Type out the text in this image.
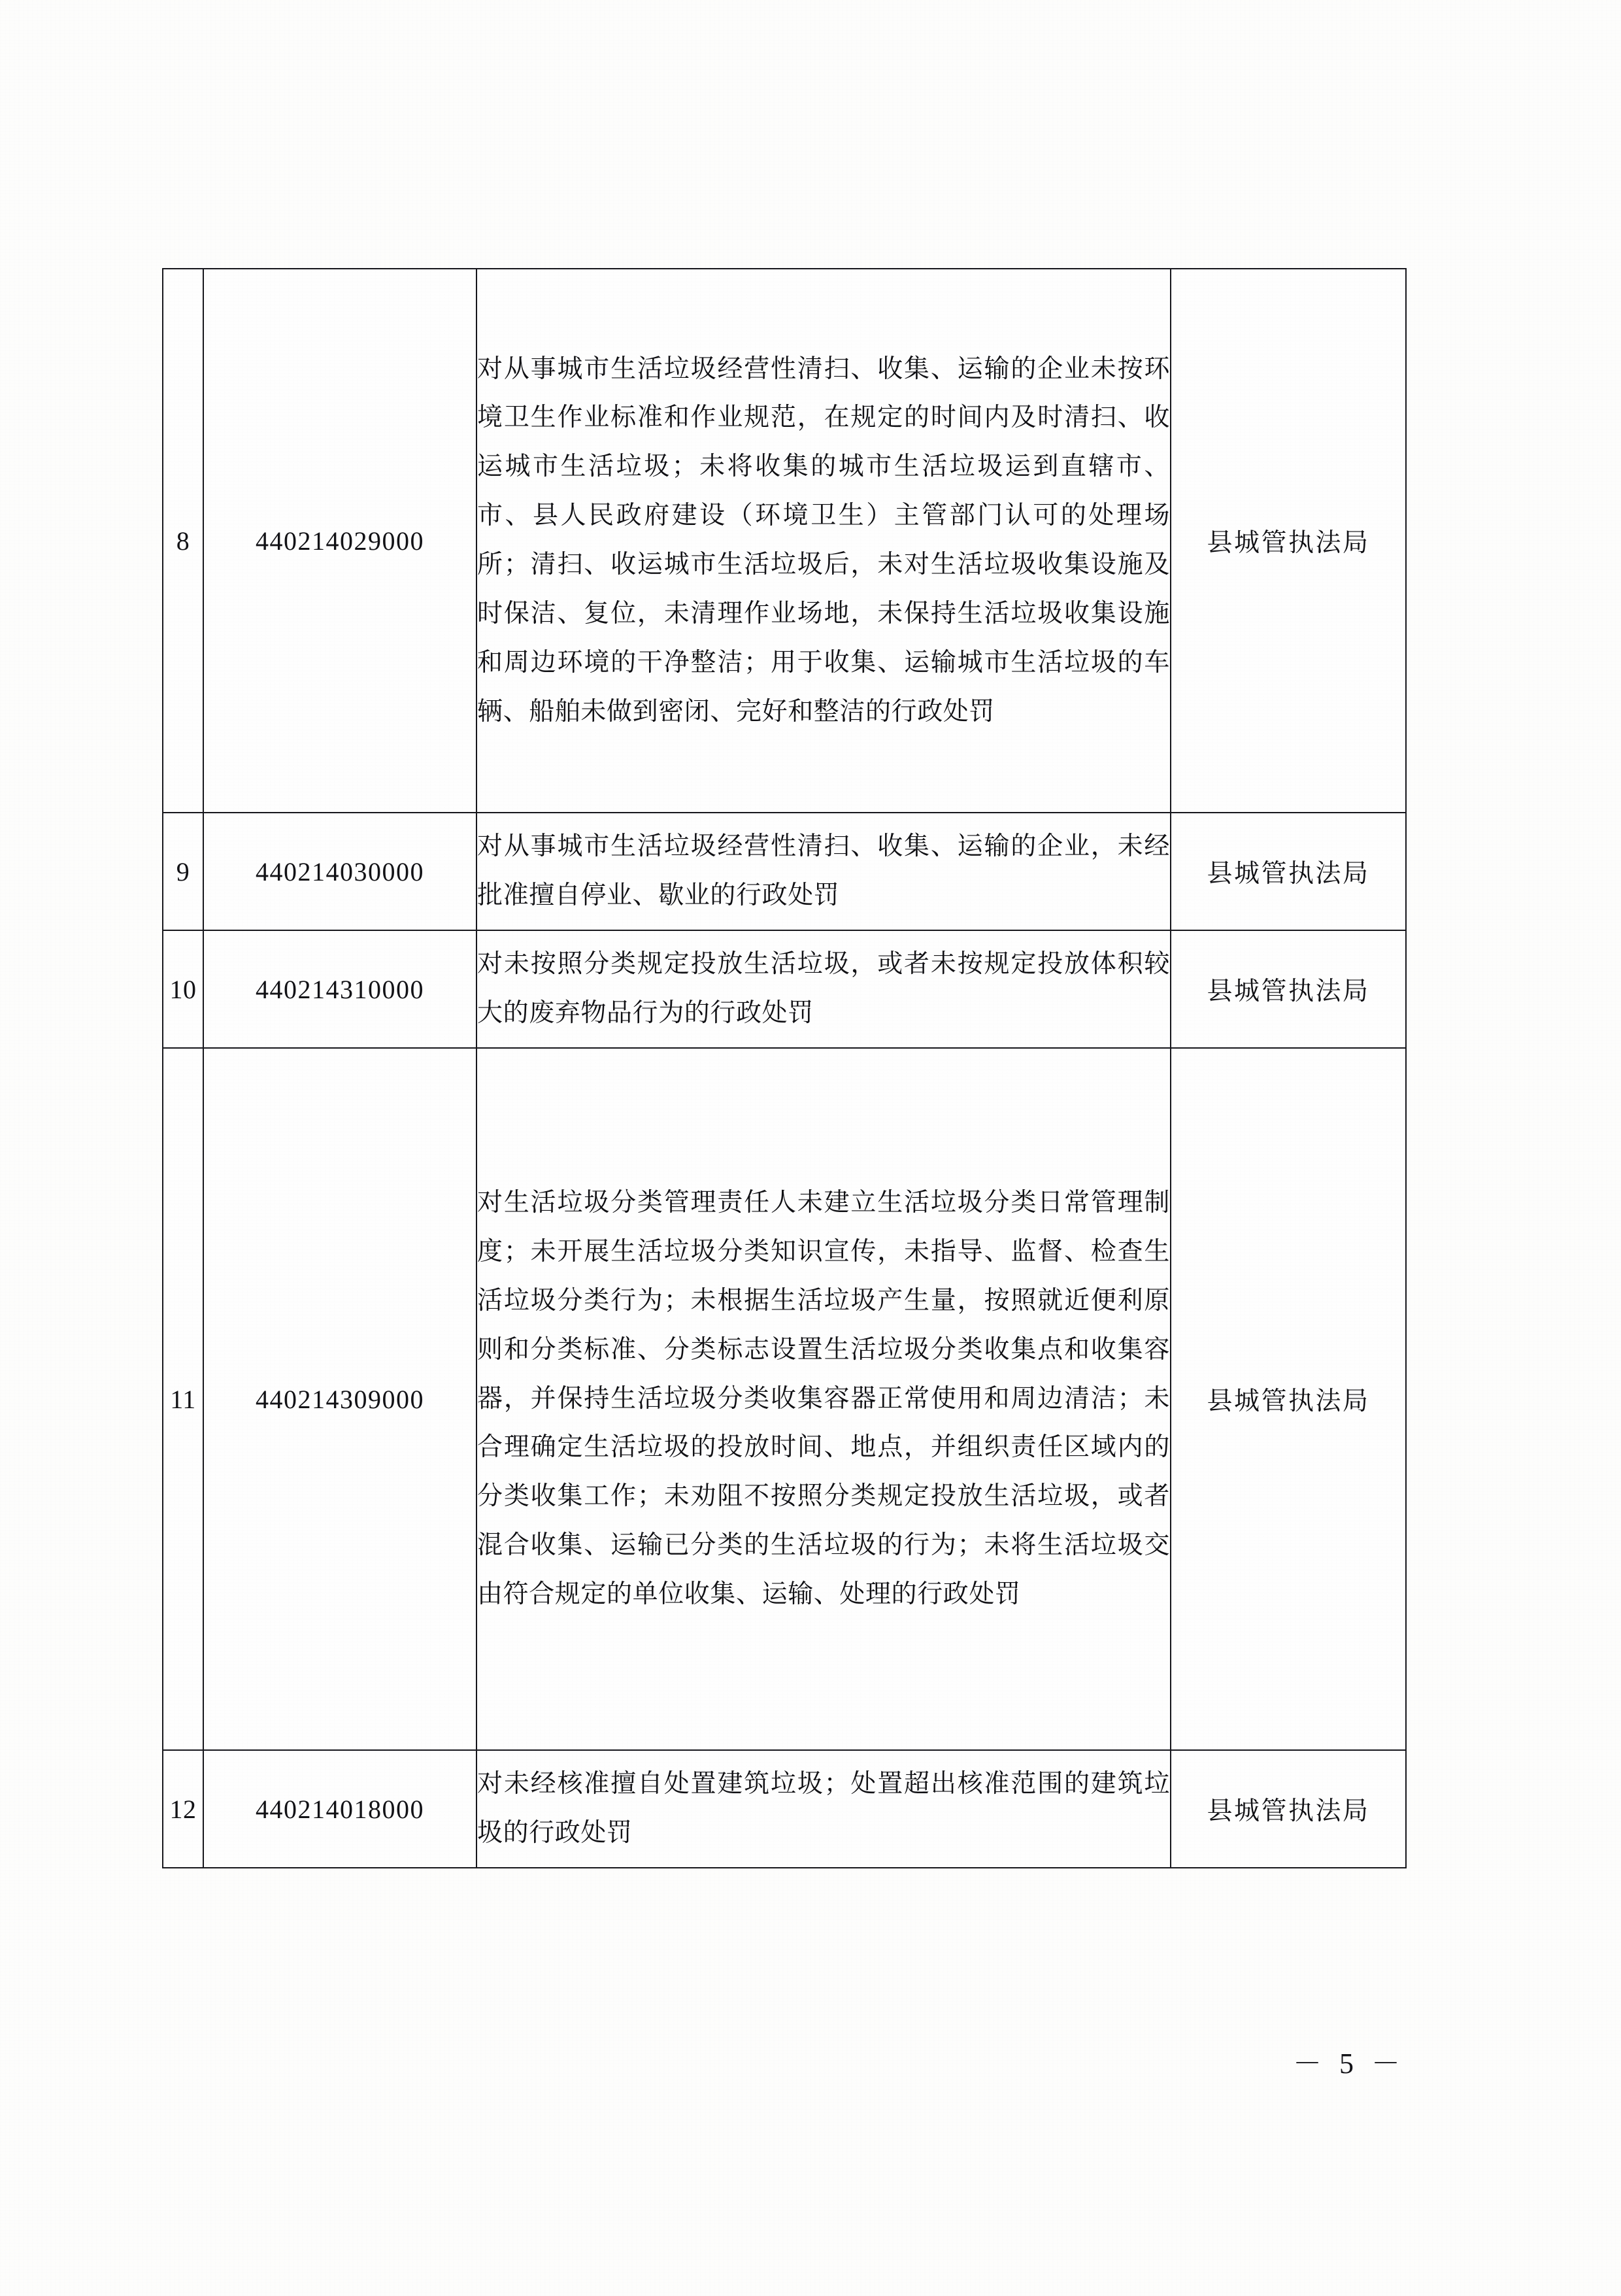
8	440214029000	对从事城市生活垃圾经营性清扫、收集、运输的企业未按环境卫生作业标准和作业规范，在规定的时间内及时清扫、收运城市生活垃圾；未将收集的城市生活垃圾运到直辖市、市、县人民政府建设（环境卫生）主管部门认可的处理场所；清扫、收运城市生活垃圾后，未对生活垃圾收集设施及时保洁、复位，未清理作业场地，未保持生活垃圾收集设施和周边环境的干净整洁；用于收集、运输城市生活垃圾的车辆、船舶未做到密闭、完好和整洁的行政处罚	县城管执法局
9	440214030000	对从事城市生活垃圾经营性清扫、收集、运输的企业，未经批准擅自停业、歇业的行政处罚	县城管执法局
10	440214310000	对未按照分类规定投放生活垃圾，或者未按规定投放体积较大的废弃物品行为的行政处罚	县城管执法局
11	440214309000	对生活垃圾分类管理责任人未建立生活垃圾分类日常管理制度；未开展生活垃圾分类知识宣传，未指导、监督、检查生活垃圾分类行为；未根据生活垃圾产生量，按照就近便利原则和分类标准、分类标志设置生活垃圾分类收集点和收集容器，并保持生活垃圾分类收集容器正常使用和周边清洁；未合理确定生活垃圾的投放时间、地点，并组织责任区域内的分类收集工作；未劝阻不按照分类规定投放生活垃圾，或者混合收集、运输已分类的生活垃圾的行为；未将生活垃圾交由符合规定的单位收集、运输、处理的行政处罚	县城管执法局
12	440214018000	对未经核准擅自处置建筑垃圾；处置超出核准范围的建筑垃圾的行政处罚	县城管执法局
－ 5 －
